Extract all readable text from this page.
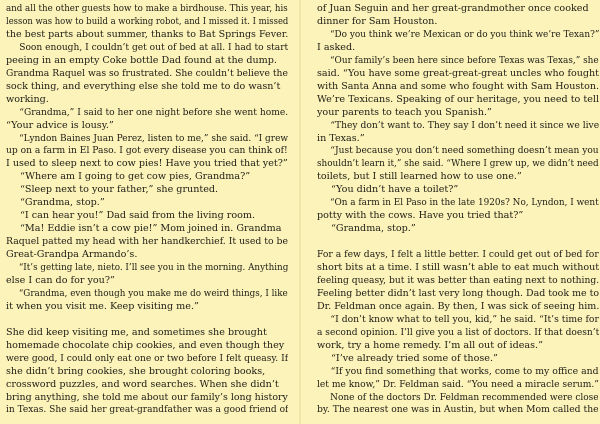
and all the other guests how to make a birdhouse. This year, his
lesson was how to build a working robot, and I missed it. I missed
the best parts about summer, thanks to Bat Springs Fever.
Soon enough, I couldn’t get out of bed at all. I had to start
peeing in an empty Coke bottle Dad found at the dump.
Grandma Raquel was so frustrated. She couldn’t believe the
sock thing, and everything else she told me to do wasn’t
working.
“Grandma,” I said to her one night before she went home.
“Your advice is lousy.”
“Lyndon Baines Juan Perez, listen to me,” she said. “I grew
up on a farm in El Paso. I got every disease you can think of!
I used to sleep next to cow pies! Have you tried that yet?”
“Where am I going to get cow pies, Grandma?”
“Sleep next to your father,” she grunted.
“Grandma, stop.”
“I can hear you!” Dad said from the living room.
“Ma! Eddie isn’t a cow pie!” Mom joined in. Grandma
Raquel patted my head with her handkerchief. It used to be
Great-Grandpa Armando’s.
“It’s getting late, nieto. I’ll see you in the morning. Anything
else I can do for you?”
“Grandma, even though you make me do weird things, I like
it when you visit me. Keep visiting me.”
She did keep visiting me, and sometimes she brought
homemade chocolate chip cookies, and even though they
were good, I could only eat one or two before I felt queasy. If
she didn’t bring cookies, she brought coloring books,
crossword puzzles, and word searches. When she didn’t
bring anything, she told me about our family’s long history
in Texas. She said her great-grandfather was a good friend of
of Juan Seguin and her great-grandmother once cooked
dinner for Sam Houston.
“Do you think we’re Mexican or do you think we’re Texan?”
I asked.
“Our family’s been here since before Texas was Texas,” she
said. “You have some great-great-great uncles who fought
with Santa Anna and some who fought with Sam Houston.
We’re Texicans. Speaking of our heritage, you need to tell
your parents to teach you Spanish.”
“They don’t want to. They say I don’t need it since we live
in Texas.”
“Just because you don’t need something doesn’t mean you
shouldn’t learn it,” she said. “Where I grew up, we didn’t need
toilets, but I still learned how to use one.”
“You didn’t have a toilet?”
“On a farm in El Paso in the late 1920s? No, Lyndon, I went
potty with the cows. Have you tried that?”
“Grandma, stop.”
For a few days, I felt a little better. I could get out of bed for
short bits at a time. I still wasn’t able to eat much without
feeling queasy, but it was better than eating next to nothing.
Feeling better didn’t last very long though. Dad took me to
Dr. Feldman once again. By then, I was sick of seeing him.
“I don’t know what to tell you, kid,” he said. “It’s time for
a second opinion. I’ll give you a list of doctors. If that doesn’t
work, try a home remedy. I’m all out of ideas.”
“I’ve already tried some of those.”
“If you find something that works, come to my office and
let me know,” Dr. Feldman said. “You need a miracle serum.”
None of the doctors Dr. Feldman recommended were close
by. The nearest one was in Austin, but when Mom called the
